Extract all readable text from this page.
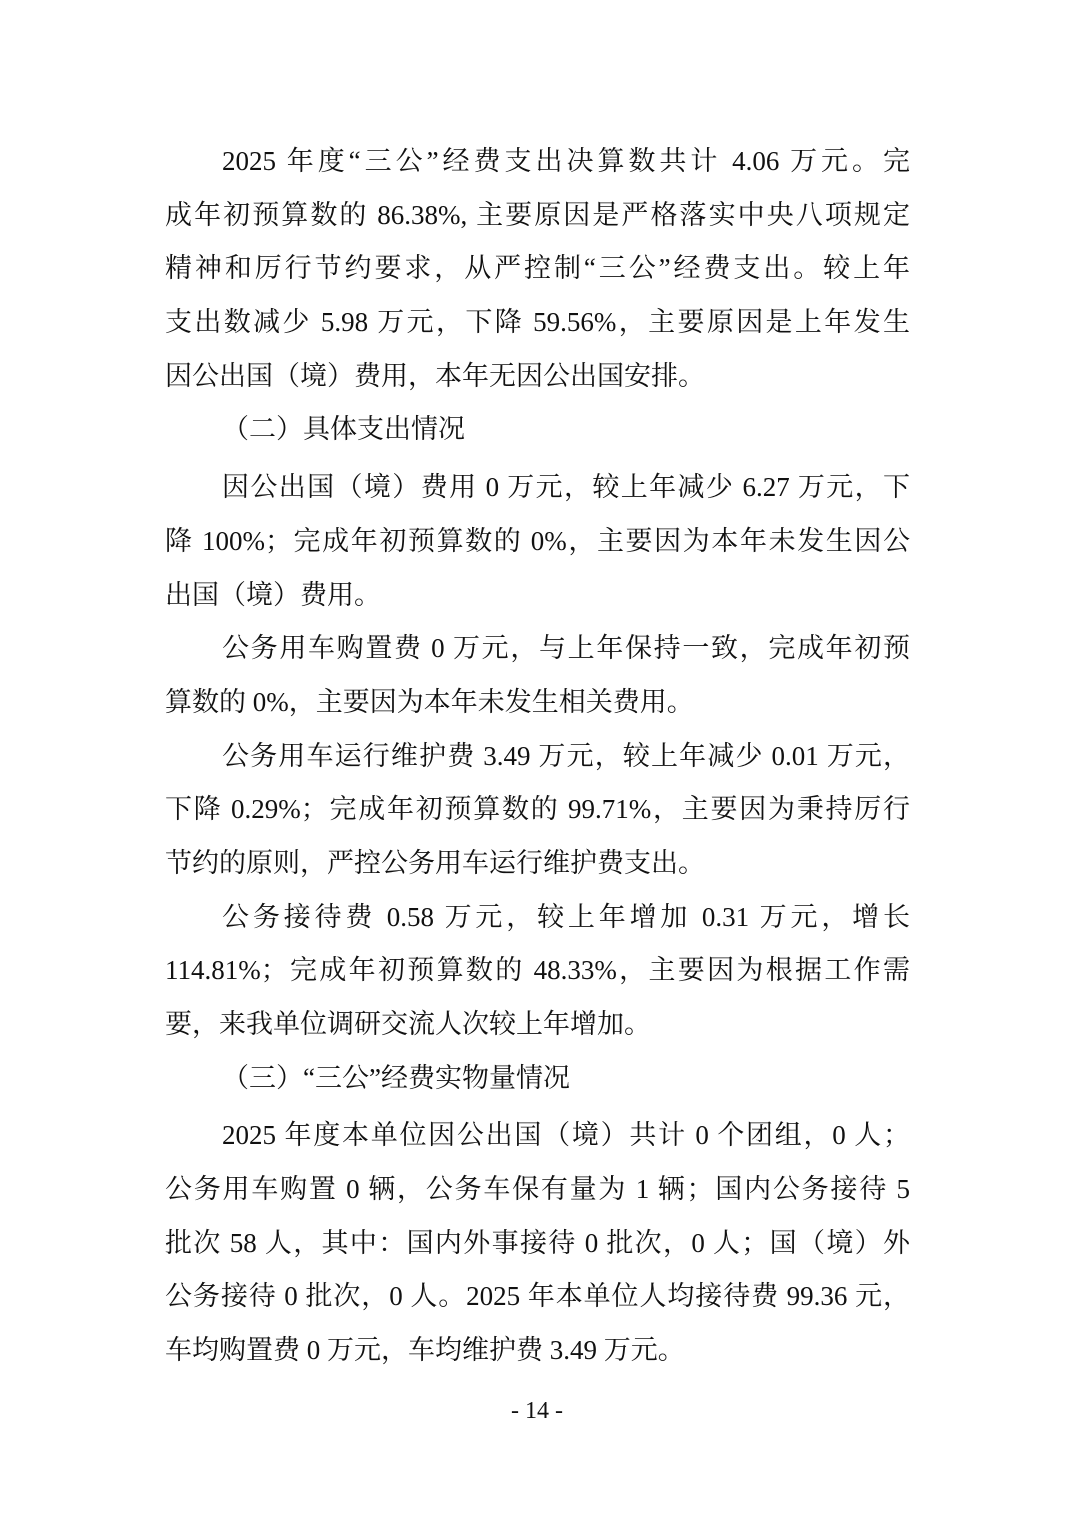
2025 年度“三公”经费支出决算数共计 4.06 万元。完
成年初预算数的 86.38%, 主要原因是严格落实中央八项规定
精神和厉行节约要求，从严控制“三公”经费支出。较上年
支出数减少 5.98 万元，下降 59.56%，主要原因是上年发生
因公出国（境）费用，本年无因公出国安排。
（二）具体支出情况
因公出国（境）费用 0 万元，较上年减少 6.27 万元，下
降 100%；完成年初预算数的 0%，主要因为本年未发生因公
出国（境）费用。
公务用车购置费 0 万元，与上年保持一致，完成年初预
算数的 0%，主要因为本年未发生相关费用。
公务用车运行维护费 3.49 万元，较上年减少 0.01 万元，
下降 0.29%；完成年初预算数的 99.71%，主要因为秉持厉行
节约的原则，严控公务用车运行维护费支出。
公务接待费 0.58 万元，较上年增加 0.31 万元，增长
114.81%；完成年初预算数的 48.33%，主要因为根据工作需
要，来我单位调研交流人次较上年增加。
（三）“三公”经费实物量情况
2025 年度本单位因公出国（境）共计 0 个团组，0 人；
公务用车购置 0 辆，公务车保有量为 1 辆；国内公务接待 5
批次 58 人，其中：国内外事接待 0 批次，0 人；国（境）外
公务接待 0 批次，0 人。2025 年本单位人均接待费 99.36 元，
车均购置费 0 万元，车均维护费 3.49 万元。
- 14 -
